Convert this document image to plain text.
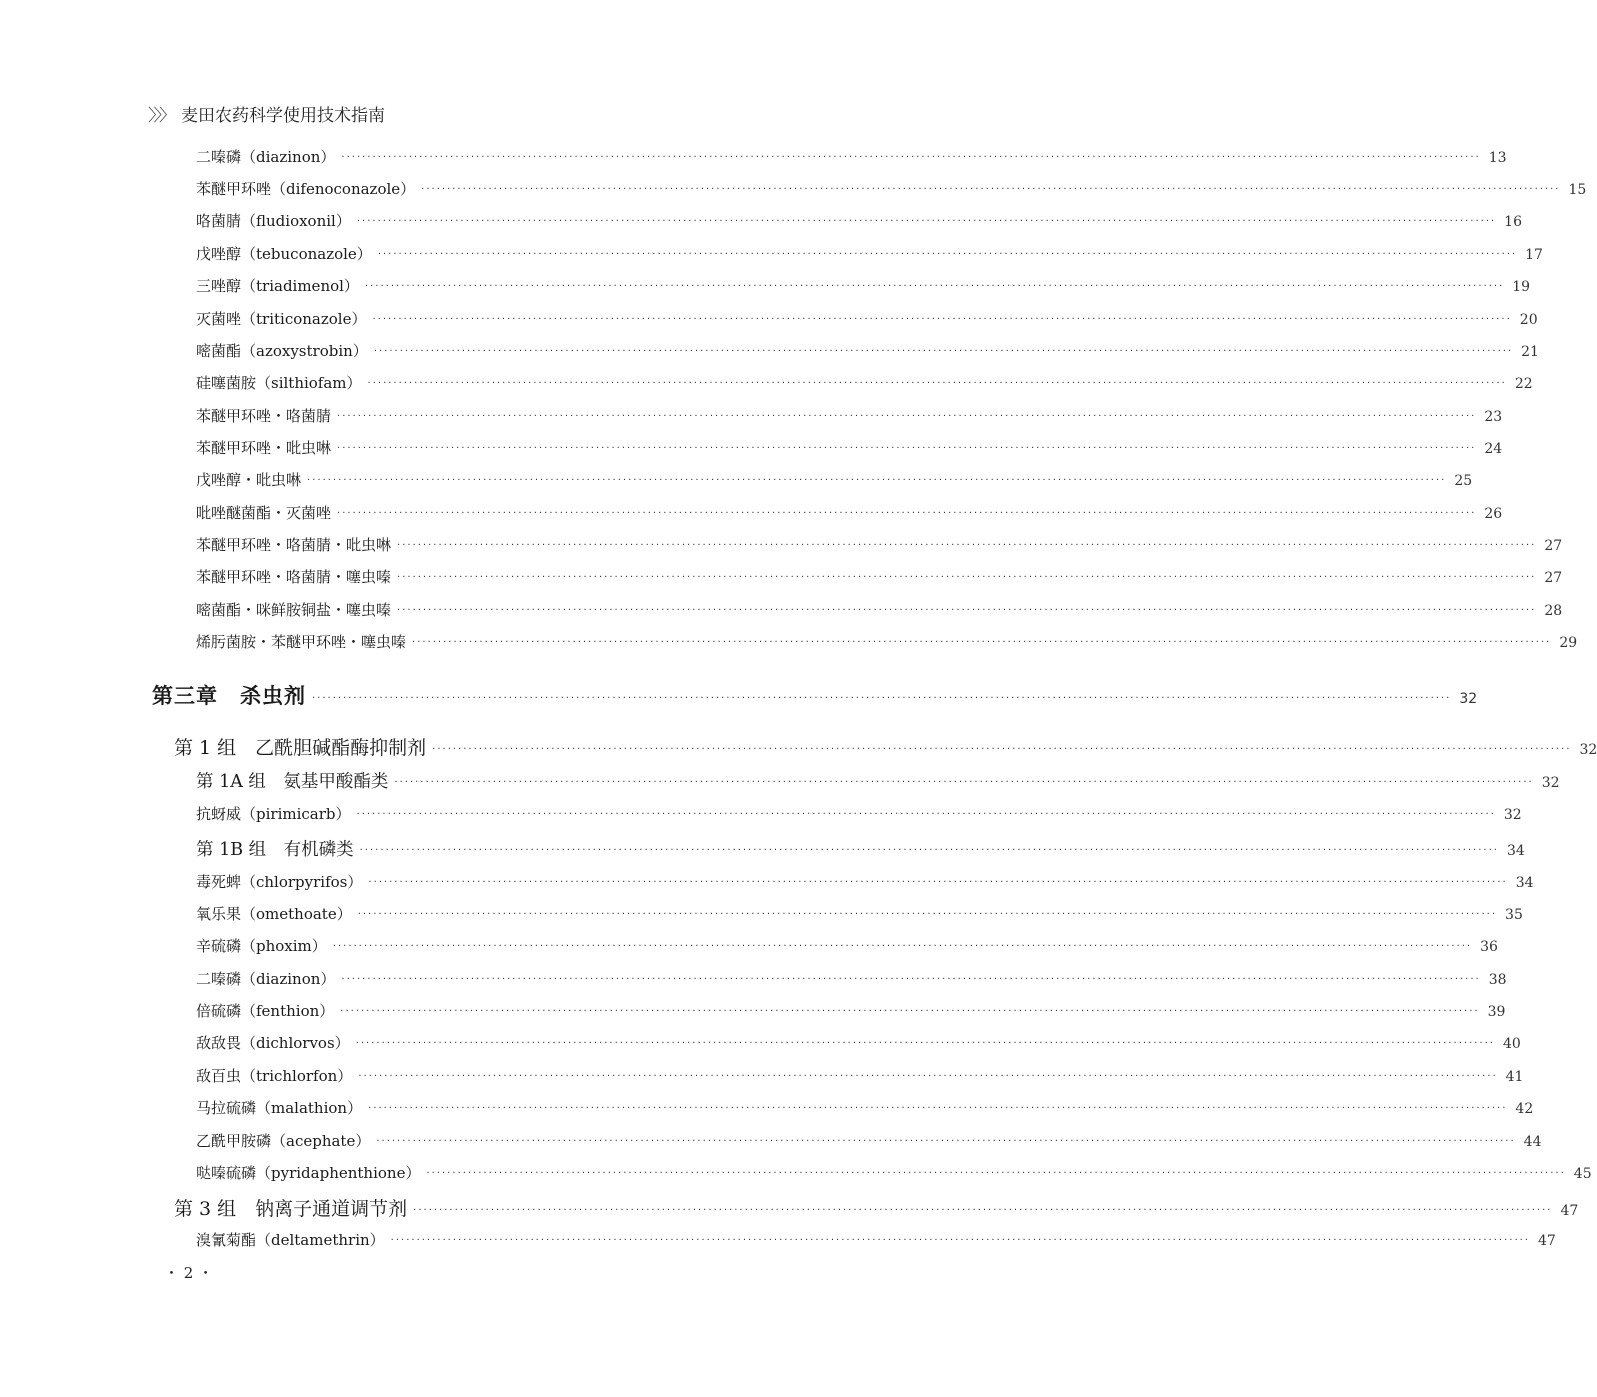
〉〉〉 麦田农药科学使用技术指南
二嗪磷（diazinon） ···························································································································································································································· 13
苯醚甲环唑（difenoconazole） ···························································································································································································································· 15
咯菌腈（fludioxonil） ···························································································································································································································· 16
戊唑醇（tebuconazole） ···························································································································································································································· 17
三唑醇（triadimenol） ···························································································································································································································· 19
灭菌唑（triticonazole） ···························································································································································································································· 20
嘧菌酯（azoxystrobin） ···························································································································································································································· 21
硅噻菌胺（silthiofam） ···························································································································································································································· 22
苯醚甲环唑・咯菌腈 ···························································································································································································································· 23
苯醚甲环唑・吡虫啉 ···························································································································································································································· 24
戊唑醇・吡虫啉 ···························································································································································································································· 25
吡唑醚菌酯・灭菌唑 ···························································································································································································································· 26
苯醚甲环唑・咯菌腈・吡虫啉 ···························································································································································································································· 27
苯醚甲环唑・咯菌腈・噻虫嗪 ···························································································································································································································· 27
嘧菌酯・咪鲜胺铜盐・噻虫嗪 ···························································································································································································································· 28
烯肟菌胺・苯醚甲环唑・噻虫嗪 ···························································································································································································································· 29
第三章　杀虫剂 ···························································································································································································································· 32
第 1 组　乙酰胆碱酯酶抑制剂 ···························································································································································································································· 32
第 1A 组　氨基甲酸酯类 ···························································································································································································································· 32
抗蚜威（pirimicarb） ···························································································································································································································· 32
第 1B 组　有机磷类 ···························································································································································································································· 34
毒死蜱（chlorpyrifos） ···························································································································································································································· 34
氧乐果（omethoate） ···························································································································································································································· 35
辛硫磷（phoxim） ···························································································································································································································· 36
二嗪磷（diazinon） ···························································································································································································································· 38
倍硫磷（fenthion） ···························································································································································································································· 39
敌敌畏（dichlorvos） ···························································································································································································································· 40
敌百虫（trichlorfon） ···························································································································································································································· 41
马拉硫磷（malathion） ···························································································································································································································· 42
乙酰甲胺磷（acephate） ···························································································································································································································· 44
哒嗪硫磷（pyridaphenthione） ···························································································································································································································· 45
第 3 组　钠离子通道调节剂 ···························································································································································································································· 47
溴氰菊酯（deltamethrin） ···························································································································································································································· 47
・ 2 ・
